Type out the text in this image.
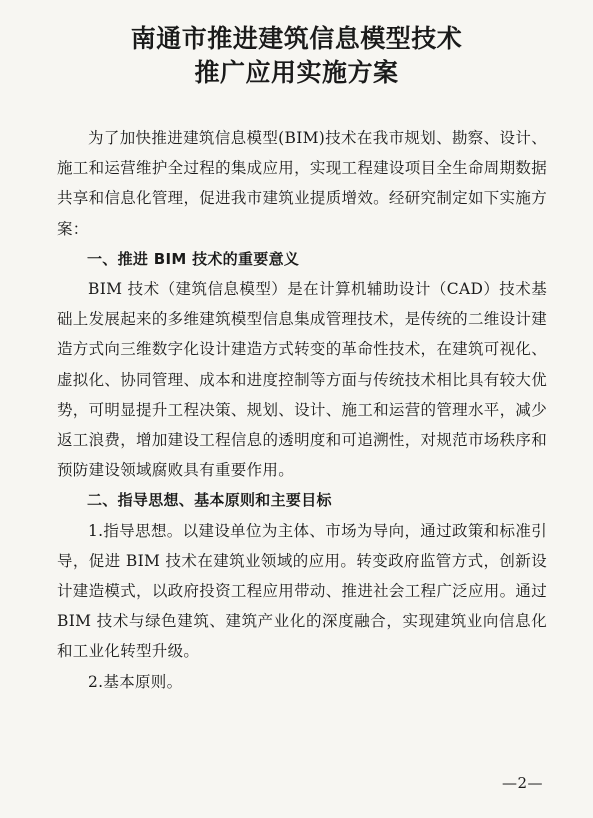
南通市推进建筑信息模型技术
推广应用实施方案

为了加快推进建筑信息模型(BIM)技术在我市规划、勘察、设计、施工和运营维护全过程的集成应用，实现工程建设项目全生命周期数据共享和信息化管理，促进我市建筑业提质增效。经研究制定如下实施方案：

一、推进 BIM 技术的重要意义

BIM 技术（建筑信息模型）是在计算机辅助设计（CAD）技术基础上发展起来的多维建筑模型信息集成管理技术，是传统的二维设计建造方式向三维数字化设计建造方式转变的革命性技术，在建筑可视化、虚拟化、协同管理、成本和进度控制等方面与传统技术相比具有较大优势，可明显提升工程决策、规划、设计、施工和运营的管理水平，减少返工浪费，增加建设工程信息的透明度和可追溯性，对规范市场秩序和预防建设领域腐败具有重要作用。

二、指导思想、基本原则和主要目标

1.指导思想。以建设单位为主体、市场为导向，通过政策和标准引导，促进 BIM 技术在建筑业领域的应用。转变政府监管方式，创新设计建造模式，以政府投资工程应用带动、推进社会工程广泛应用。通过 BIM 技术与绿色建筑、建筑产业化的深度融合，实现建筑业向信息化和工业化转型升级。

2.基本原则。

—2—
